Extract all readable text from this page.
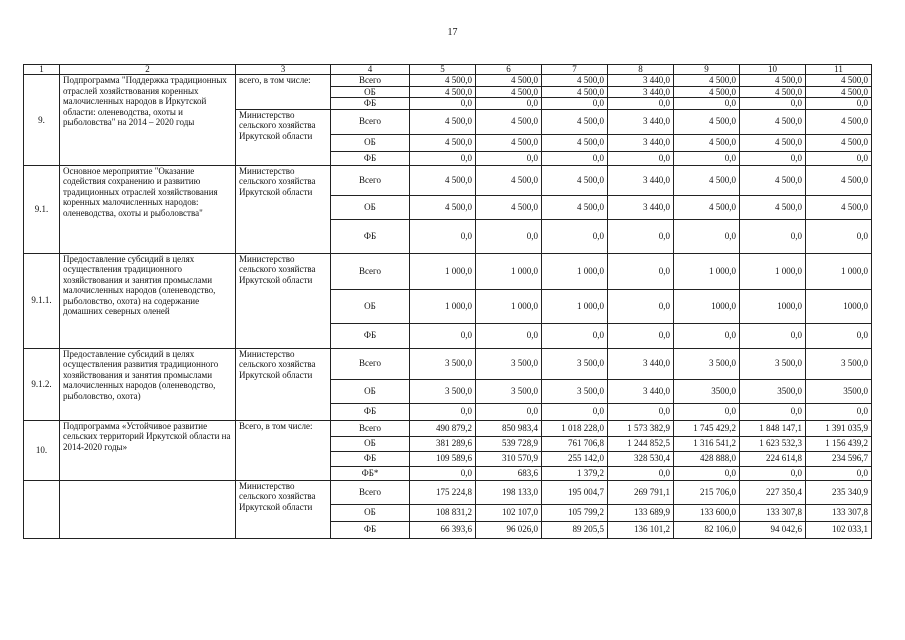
17
1	2	3	4	5	6	7	8	9	10	11
9.	Подпрограмма "Поддержка традиционных отраслей хозяйствования коренных малочисленных народов в Иркутской области: оленеводства, охоты и рыболовства" на 2014 – 2020 годы	всего, в том числе:	Всего	4 500,0	4 500,0	4 500,0	3 440,0	4 500,0	4 500,0	4 500,0
			ОБ	4 500,0	4 500,0	4 500,0	3 440,0	4 500,0	4 500,0	4 500,0
			ФБ	0,0	0,0	0,0	0,0	0,0	0,0	0,0
		Министерство сельского хозяйства Иркутской области	Всего	4 500,0	4 500,0	4 500,0	3 440,0	4 500,0	4 500,0	4 500,0
			ОБ	4 500,0	4 500,0	4 500,0	3 440,0	4 500,0	4 500,0	4 500,0
			ФБ	0,0	0,0	0,0	0,0	0,0	0,0	0,0
9.1.	Основное мероприятие "Оказание содействия сохранению и развитию традиционных отраслей хозяйствования коренных малочисленных народов: оленеводства, охоты и рыболовства"	Министерство сельского хозяйства Иркутской области	Всего	4 500,0	4 500,0	4 500,0	3 440,0	4 500,0	4 500,0	4 500,0
			ОБ	4 500,0	4 500,0	4 500,0	3 440,0	4 500,0	4 500,0	4 500,0
			ФБ	0,0	0,0	0,0	0,0	0,0	0,0	0,0
9.1.1.	Предоставление субсидий в целях осуществления традиционного хозяйствования и занятия промыслами малочисленных народов (оленеводство, рыболовство, охота) на содержание домашних северных оленей	Министерство сельского хозяйства Иркутской области	Всего	1 000,0	1 000,0	1 000,0	0,0	1 000,0	1 000,0	1 000,0
			ОБ	1 000,0	1 000,0	1 000,0	0,0	1000,0	1000,0	1000,0
			ФБ	0,0	0,0	0,0	0,0	0,0	0,0	0,0
9.1.2.	Предоставление субсидий в целях осуществления развития традиционного хозяйствования и занятия промыслами малочисленных народов (оленеводство, рыболовство, охота)	Министерство сельского хозяйства Иркутской области	Всего	3 500,0	3 500,0	3 500,0	3 440,0	3 500,0	3 500,0	3 500,0
			ОБ	3 500,0	3 500,0	3 500,0	3 440,0	3500,0	3500,0	3500,0
			ФБ	0,0	0,0	0,0	0,0	0,0	0,0	0,0
10.	Подпрограмма «Устойчивое развитие сельских территорий Иркутской области на 2014-2020 годы»	Всего, в том числе:	Всего	490 879,2	850 983,4	1 018 228,0	1 573 382,9	1 745 429,2	1 848 147,1	1 391 035,9
			ОБ	381 289,6	539 728,9	761 706,8	1 244 852,5	1 316 541,2	1 623 532,3	1 156 439,2
			ФБ	109 589,6	310 570,9	255 142,0	328 530,4	428 888,0	224 614,8	234 596,7
			ФБ*	0,0	683,6	1 379,2	0,0	0,0	0,0	0,0
		Министерство сельского хозяйства Иркутской области	Всего	175 224,8	198 133,0	195 004,7	269 791,1	215 706,0	227 350,4	235 340,9
			ОБ	108 831,2	102 107,0	105 799,2	133 689,9	133 600,0	133 307,8	133 307,8
			ФБ	66 393,6	96 026,0	89 205,5	136 101,2	82 106,0	94 042,6	102 033,1
